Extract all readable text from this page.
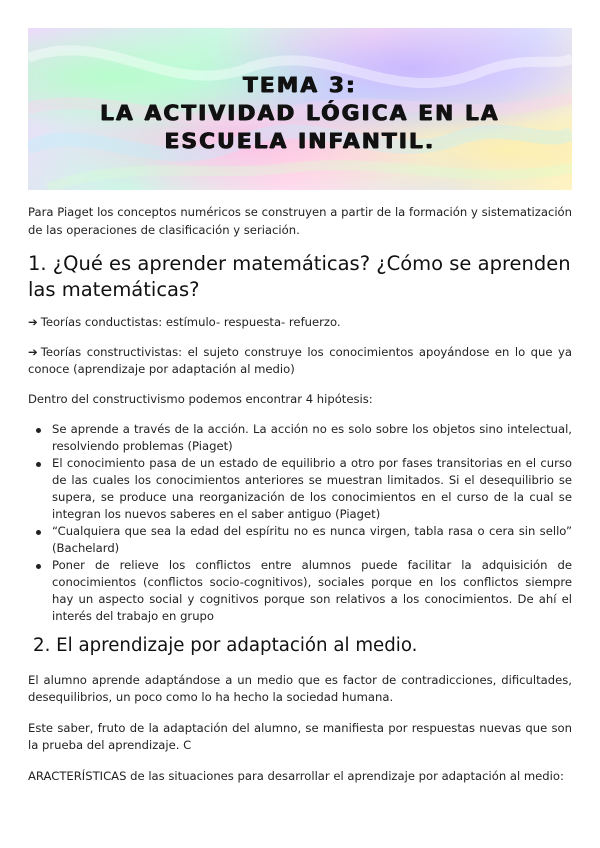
TEMA 3:
LA ACTIVIDAD LÓGICA EN LA
ESCUELA INFANTIL.
Para Piaget los conceptos numéricos se construyen a partir de la formación y sistematización de las operaciones de clasificación y seriación.
1. ¿Qué es aprender matemáticas? ¿Cómo se aprenden las matemáticas?
➔ Teorías conductistas: estímulo- respuesta- refuerzo.
➔ Teorías constructivistas: el sujeto construye los conocimientos apoyándose en lo que ya conoce (aprendizaje por adaptación al medio)
Dentro del constructivismo podemos encontrar 4 hipótesis:
Se aprende a través de la acción. La acción no es solo sobre los objetos sino intelectual, resolviendo problemas (Piaget)
El conocimiento pasa de un estado de equilibrio a otro por fases transitorias en el curso de las cuales los conocimientos anteriores se muestran limitados. Si el desequilibrio se supera, se produce una reorganización de los conocimientos en el curso de la cual se integran los nuevos saberes en el saber antiguo (Piaget)
“Cualquiera que sea la edad del espíritu no es nunca virgen, tabla rasa o cera sin sello” (Bachelard)
Poner de relieve los conflictos entre alumnos puede facilitar la adquisición de conocimientos (conflictos socio-cognitivos), sociales porque en los conflictos siempre hay un aspecto social y cognitivos porque son relativos a los conocimientos. De ahí el interés del trabajo en grupo
2. El aprendizaje por adaptación al medio.
El alumno aprende adaptándose a un medio que es factor de contradicciones, dificultades, desequilibrios, un poco como lo ha hecho la sociedad humana.
Este saber, fruto de la adaptación del alumno, se manifiesta por respuestas nuevas que son la prueba del aprendizaje. C
ARACTERÍSTICAS de las situaciones para desarrollar el aprendizaje por adaptación al medio:
